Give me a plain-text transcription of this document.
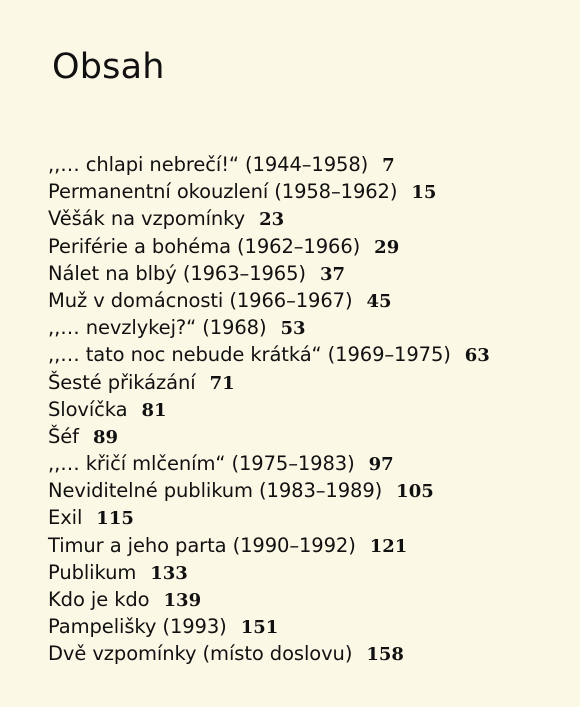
Obsah
,,… chlapi nebrečí!“ (1944–1958) 7
Permanentní okouzlení (1958–1962) 15
Věšák na vzpomínky 23
Periférie a bohéma (1962–1966) 29
Nálet na blbý (1963–1965) 37
Muž v domácnosti (1966–1967) 45
,,… nevzlykej?“ (1968) 53
,,… tato noc nebude krátká“ (1969–1975) 63
Šesté přikázání 71
Slovíčka 81
Šéf 89
,,… křičí mlčením“ (1975–1983) 97
Neviditelné publikum (1983–1989) 105
Exil 115
Timur a jeho parta (1990–1992) 121
Publikum 133
Kdo je kdo 139
Pampelišky (1993) 151
Dvě vzpomínky (místo doslovu) 158
